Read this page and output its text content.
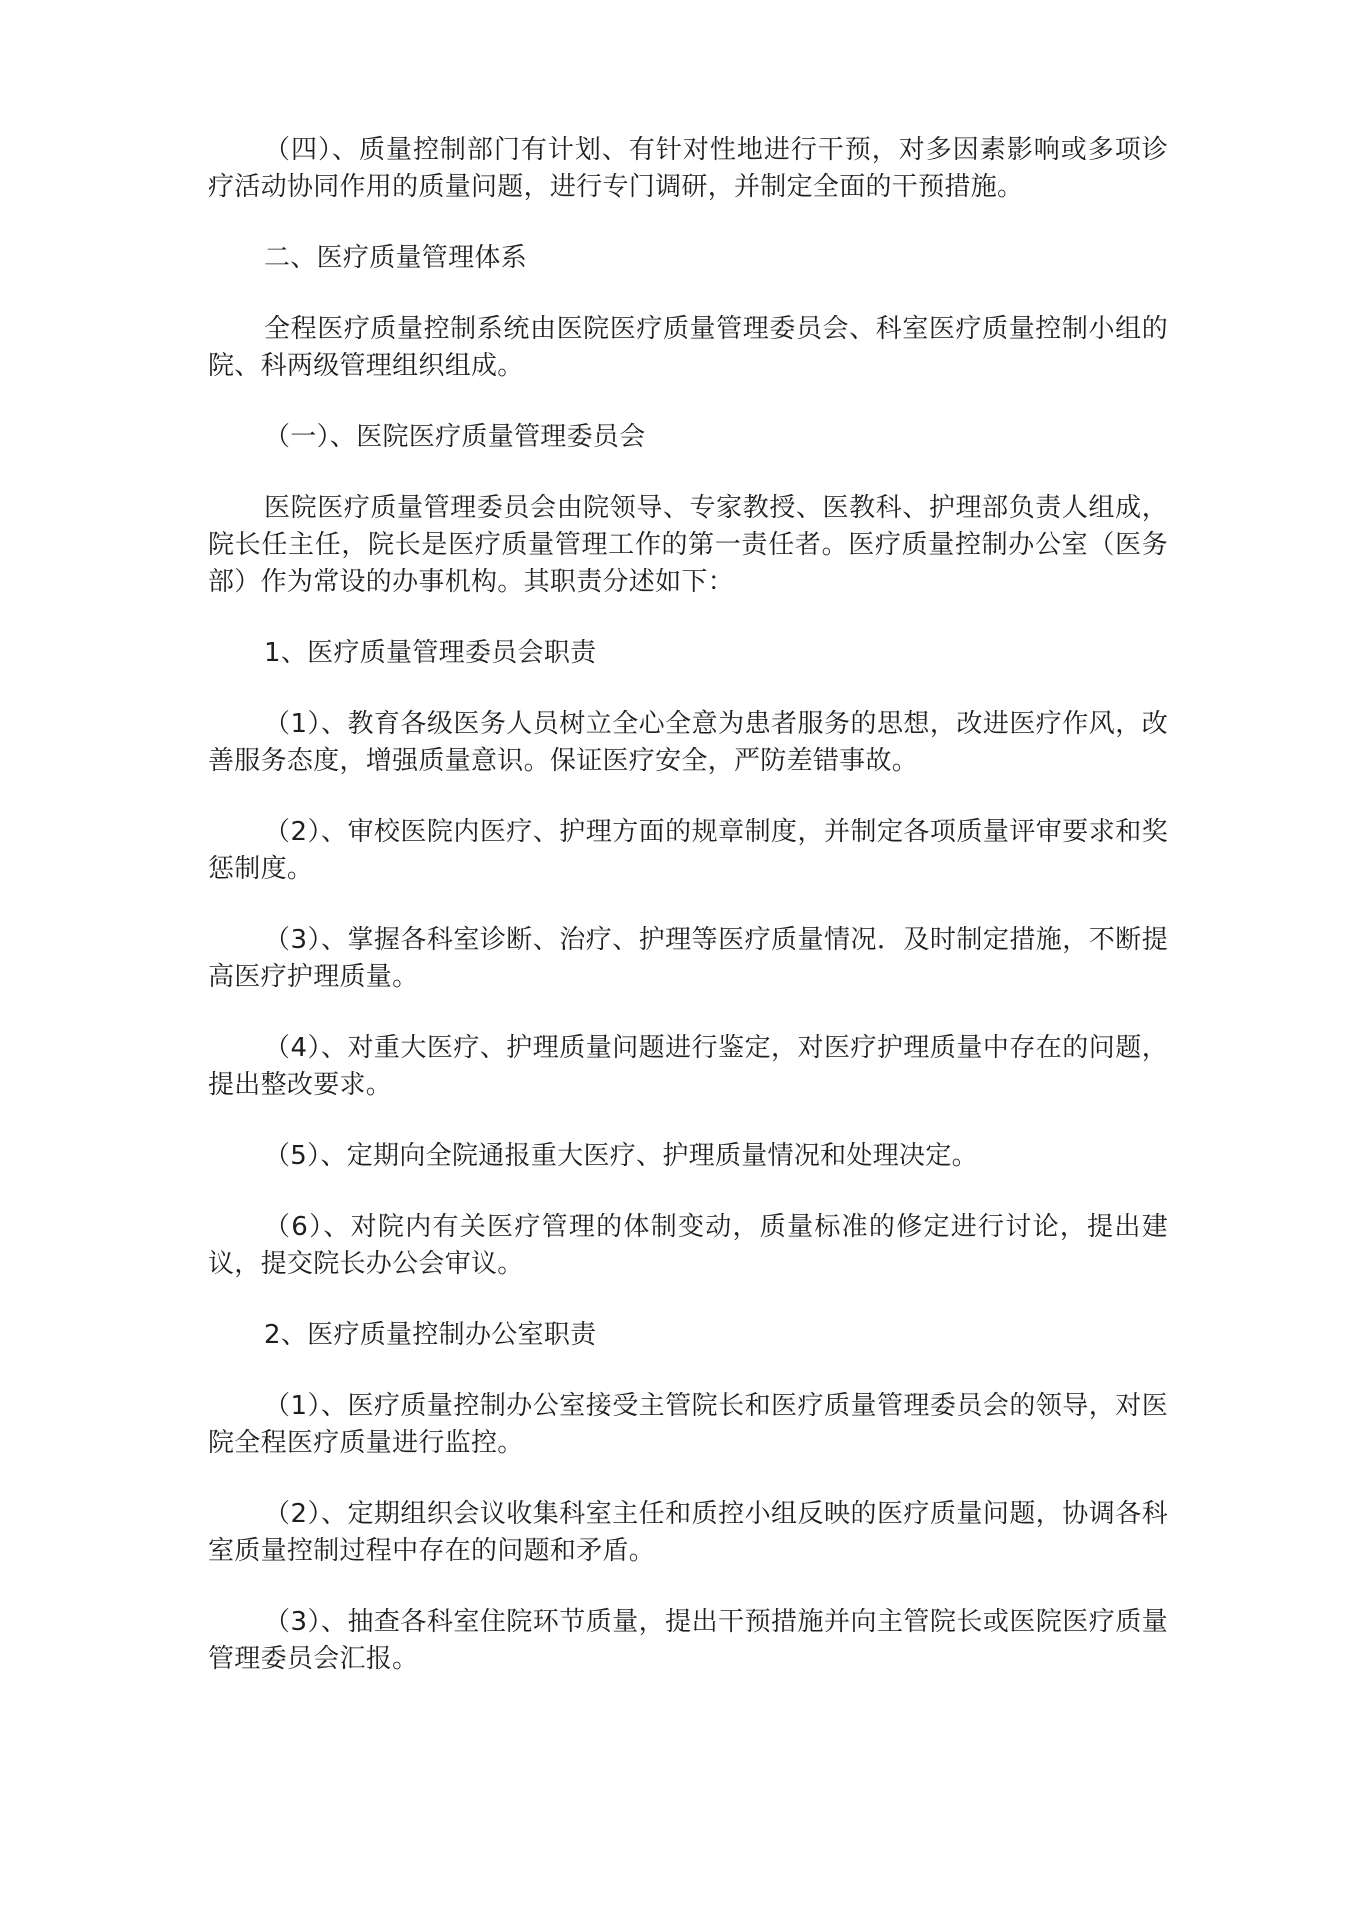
（四）、质量控制部门有计划、有针对性地进行干预，对多因素影响或多项诊疗活动协同作用的质量问题，进行专门调研，并制定全面的干预措施。

二、医疗质量管理体系

全程医疗质量控制系统由医院医疗质量管理委员会、科室医疗质量控制小组的院、科两级管理组织组成。

（一）、医院医疗质量管理委员会

医院医疗质量管理委员会由院领导、专家教授、医教科、护理部负责人组成，院长任主任，院长是医疗质量管理工作的第一责任者。医疗质量控制办公室（医务部）作为常设的办事机构。其职责分述如下：

1、医疗质量管理委员会职责

（1）、教育各级医务人员树立全心全意为患者服务的思想，改进医疗作风，改善服务态度，增强质量意识。保证医疗安全，严防差错事故。

（2）、审校医院内医疗、护理方面的规章制度，并制定各项质量评审要求和奖惩制度。

（3）、掌握各科室诊断、治疗、护理等医疗质量情况．及时制定措施，不断提高医疗护理质量。

（4）、对重大医疗、护理质量问题进行鉴定，对医疗护理质量中存在的问题，提出整改要求。

（5）、定期向全院通报重大医疗、护理质量情况和处理决定。

（6）、对院内有关医疗管理的体制变动，质量标准的修定进行讨论，提出建议，提交院长办公会审议。

2、医疗质量控制办公室职责

（1）、医疗质量控制办公室接受主管院长和医疗质量管理委员会的领导，对医院全程医疗质量进行监控。

（2）、定期组织会议收集科室主任和质控小组反映的医疗质量问题，协调各科室质量控制过程中存在的问题和矛盾。

（3）、抽查各科室住院环节质量，提出干预措施并向主管院长或医院医疗质量管理委员会汇报。
